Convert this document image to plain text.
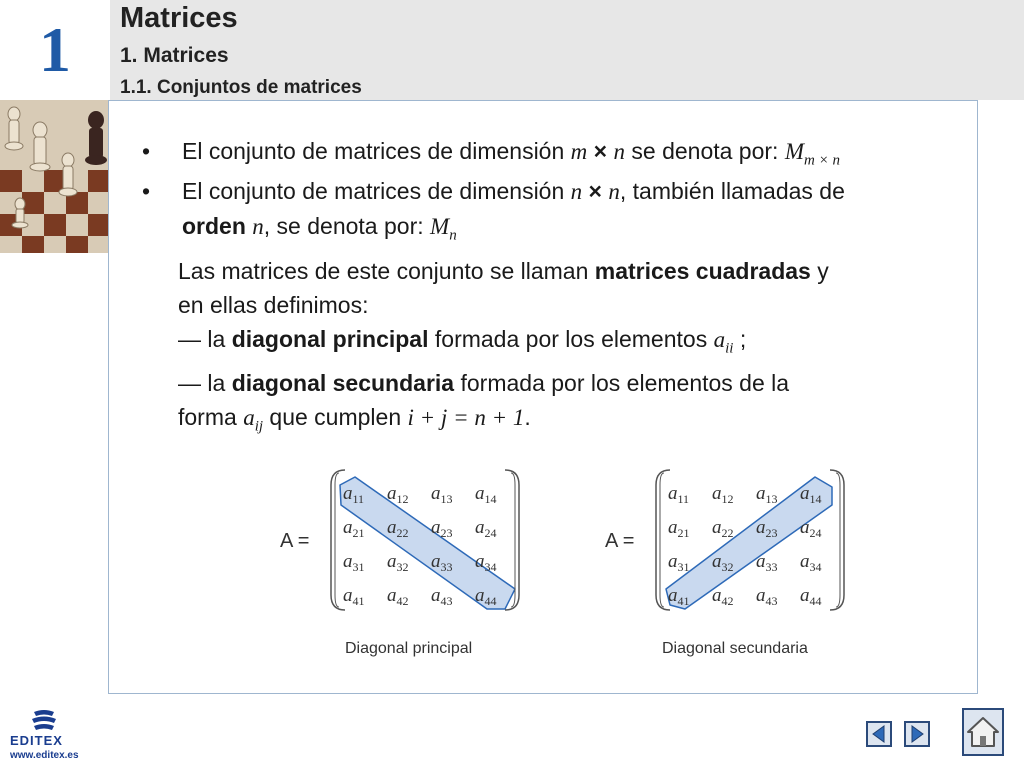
1	Matrices
1. Matrices
1.1. Conjuntos de matrices
• El conjunto de matrices de dimensión m × n se denota por: $M_{m \times n}$
• El conjunto de matrices de dimensión n × n, también llamadas de
orden n, se denota por: $M_n$
Las matrices de este conjunto se llaman matrices cuadradas y
en ellas definimos:
— la diagonal principal formada por los elementos $a_{ii}$ ;
— la diagonal secundaria formada por los elementos de la
forma $a_{ij}$ que cumplen i + j = n + 1.
A =
$a_{11}$ $a_{12}$ $a_{13}$ $a_{14}$
$a_{21}$ $a_{22}$ $a_{23}$ $a_{24}$
$a_{31}$ $a_{32}$ $a_{33}$ $a_{34}$
$a_{41}$ $a_{42}$ $a_{43}$ $a_{44}$
Diagonal principal
A =
$a_{11}$ $a_{12}$ $a_{13}$ $a_{14}$
$a_{21}$ $a_{22}$ $a_{23}$ $a_{24}$
$a_{31}$ $a_{32}$ $a_{33}$ $a_{34}$
$a_{41}$ $a_{42}$ $a_{43}$ $a_{44}$
Diagonal secundaria
EDITEX
www.editex.es
